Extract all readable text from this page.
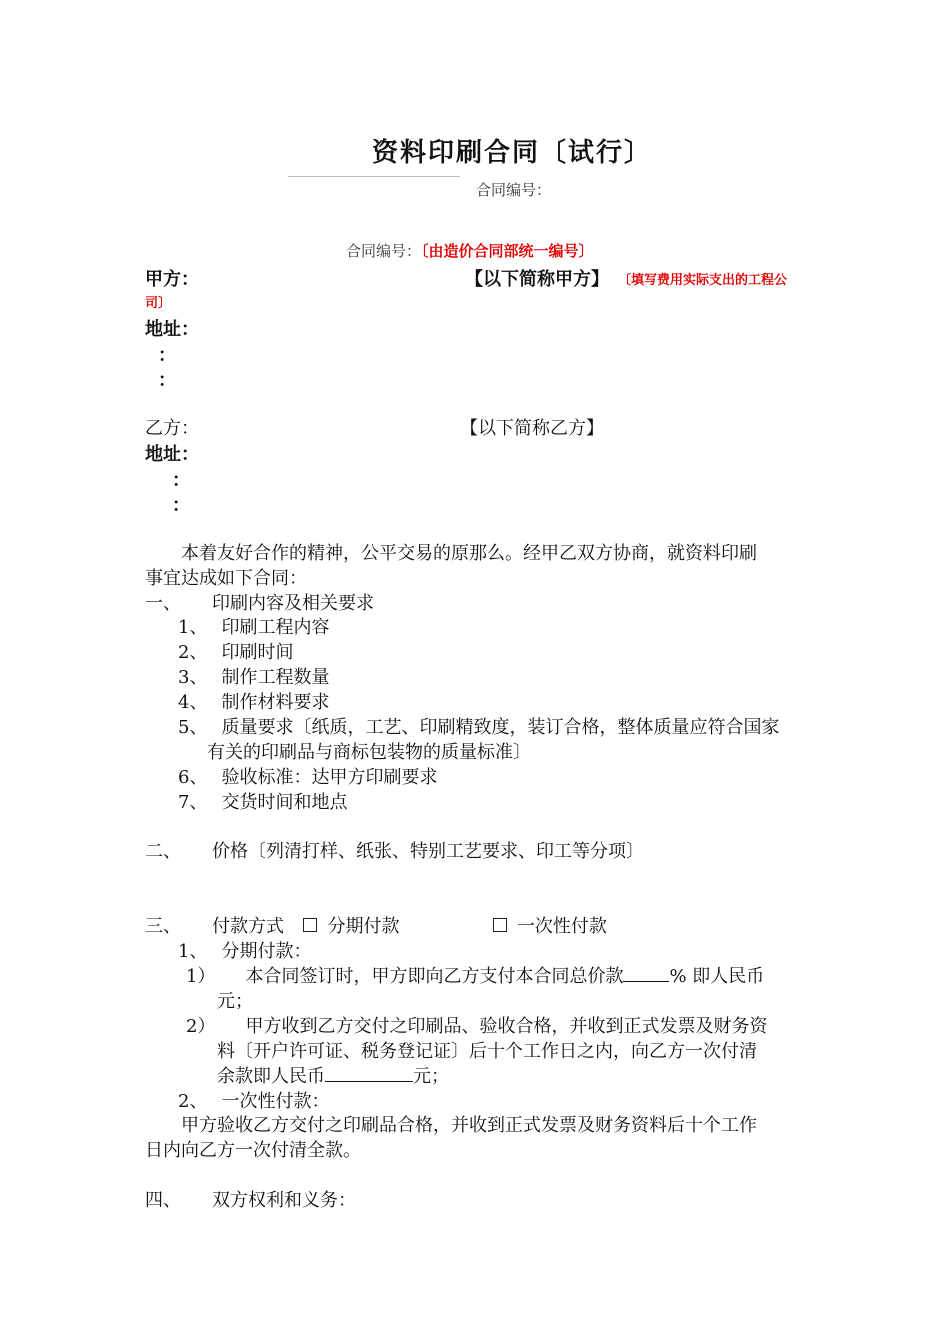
资料印刷合同〔试行〕
合同编号：
合同编号：〔由造价合同部统一编号〕
甲方：	【以下简称甲方】 〔填写费用实际支出的工程公
司〕
地址：
：
：
乙方：	【以下简称乙方】
地址：
：
：
本着友好合作的精神，公平交易的原那么。经甲乙双方协商，就资料印刷
事宜达成如下合同：
一、 印刷内容及相关要求
1、 印刷工程内容
2、 印刷时间
3、 制作工程数量
4、 制作材料要求
5、 质量要求〔纸质，工艺、印刷精致度，装订合格，整体质量应符合国家
有关的印刷品与商标包装物的质量标准〕
6、 验收标准：达甲方印刷要求
7、 交货时间和地点
二、 价格〔列清打样、纸张、特别工艺要求、印工等分项〕
三、 付款方式 分期付款	一次性付款
1、 分期付款：
1） 本合同签订时，甲方即向乙方支付本合同总价款	% 即人民币
元；
2） 甲方收到乙方交付之印刷品、验收合格，并收到正式发票及财务资
料〔开户许可证、税务登记证〕后十个工作日之内，向乙方一次付清
余款即人民币	元；
2、 一次性付款：
甲方验收乙方交付之印刷品合格，并收到正式发票及财务资料后十个工作
日内向乙方一次付清全款。
四、 双方权利和义务：
